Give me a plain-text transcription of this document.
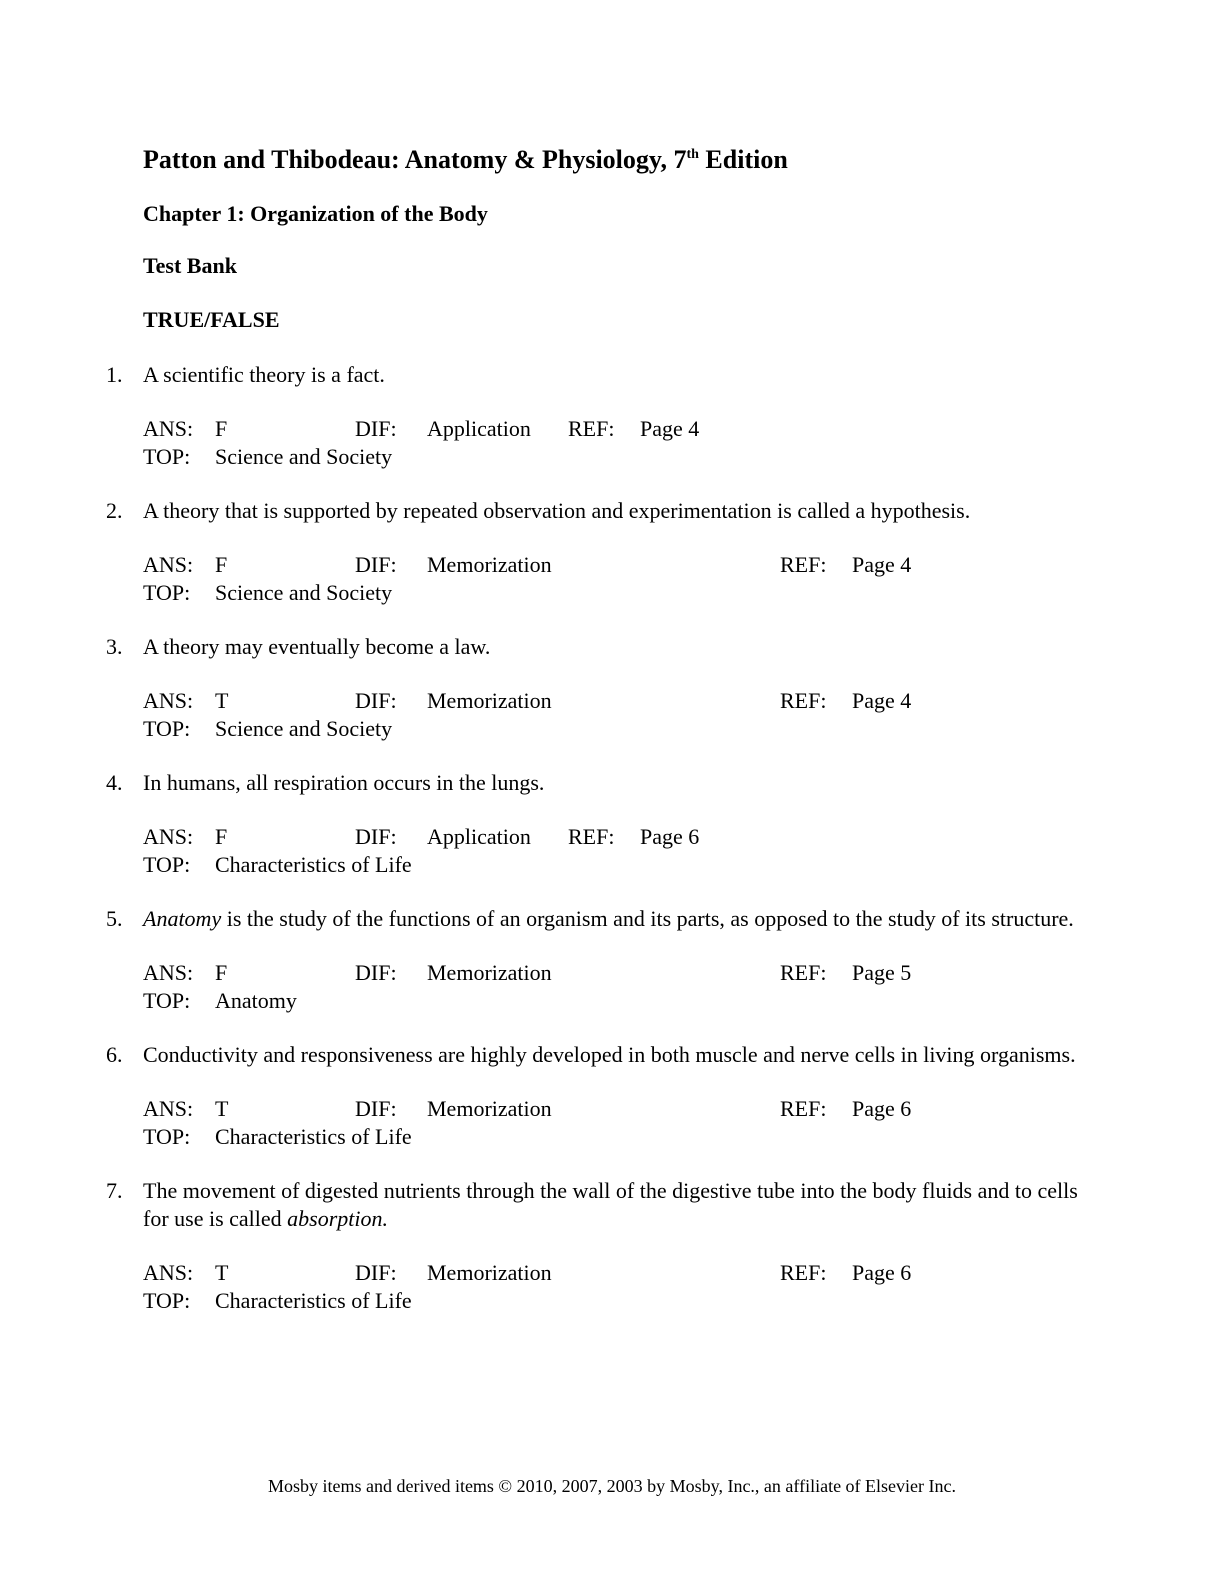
Patton and Thibodeau: Anatomy & Physiology, 7th Edition
Chapter 1: Organization of the Body
Test Bank
TRUE/FALSE
1. A scientific theory is a fact.
ANS: F	DIF:	Application	REF:	Page 4
TOP:	Science and Society
2. A theory that is supported by repeated observation and experimentation is called a hypothesis.
ANS: F	DIF:	Memorization	REF:	Page 4
TOP:	Science and Society
3. A theory may eventually become a law.
ANS: T	DIF:	Memorization	REF:	Page 4
TOP:	Science and Society
4. In humans, all respiration occurs in the lungs.
ANS: F	DIF:	Application	REF:	Page 6
TOP:	Characteristics of Life
5. Anatomy is the study of the functions of an organism and its parts, as opposed to the study of its structure.
ANS: F	DIF:	Memorization	REF:	Page 5
TOP:	Anatomy
6. Conductivity and responsiveness are highly developed in both muscle and nerve cells in living organisms.
ANS: T	DIF:	Memorization	REF:	Page 6
TOP:	Characteristics of Life
7. The movement of digested nutrients through the wall of the digestive tube into the body fluids and to cells for use is called absorption.
ANS: T	DIF:	Memorization	REF:	Page 6
TOP:	Characteristics of Life
Mosby items and derived items © 2010, 2007, 2003 by Mosby, Inc., an affiliate of Elsevier Inc.
